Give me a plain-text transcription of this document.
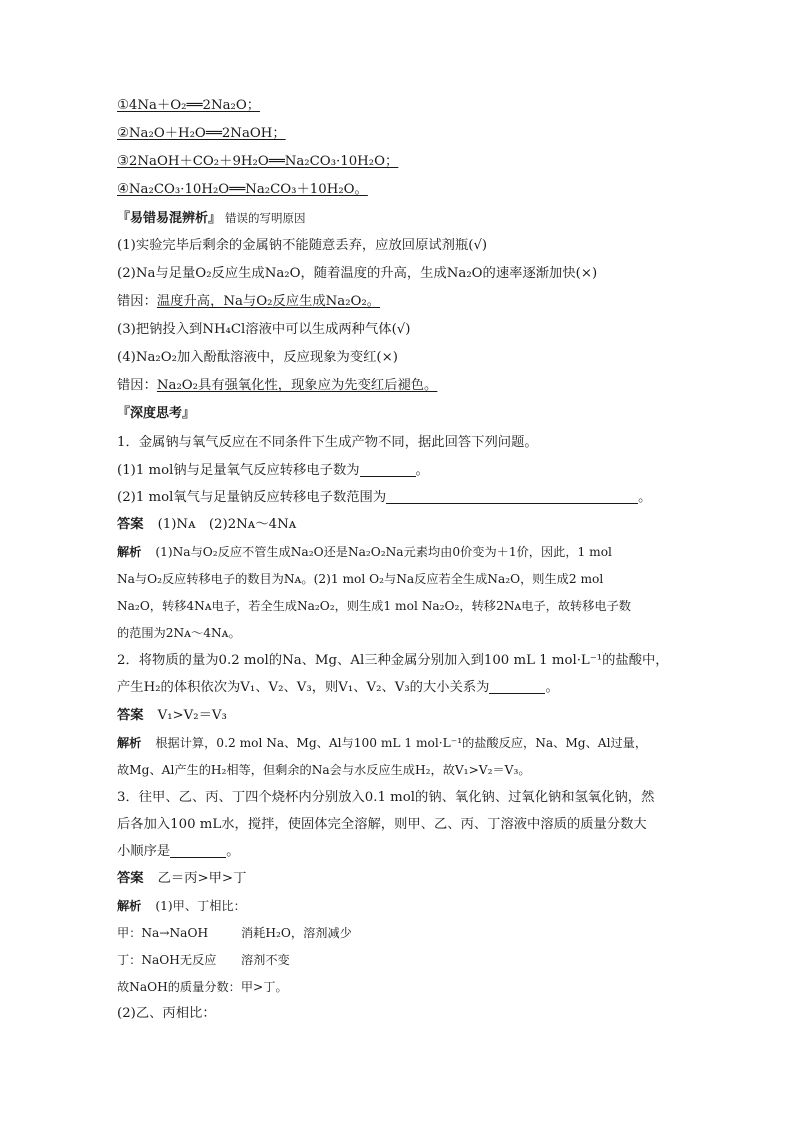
①4Na＋O₂══2Na₂O；
②Na₂O＋H₂O══2NaOH；
③2NaOH＋CO₂＋9H₂O══Na₂CO₃·10H₂O；
④Na₂CO₃·10H₂O══Na₂CO₃＋10H₂O。
『易错易混辨析』 错误的写明原因
(1)实验完毕后剩余的金属钠不能随意丢弃，应放回原试剂瓶(√)
(2)Na与足量O₂反应生成Na₂O，随着温度的升高，生成Na₂O的速率逐渐加快(×)
错因：温度升高，Na与O₂反应生成Na₂O₂。
(3)把钠投入到NH₄Cl溶液中可以生成两种气体(√)
(4)Na₂O₂加入酚酞溶液中，反应现象为变红(×)
错因：Na₂O₂具有强氧化性，现象应为先变红后褪色。
『深度思考』
1．金属钠与氧气反应在不同条件下生成产物不同，据此回答下列问题。
(1)1 mol钠与足量氧气反应转移电子数为	。
(2)1 mol氧气与足量钠反应转移电子数范围为	。
答案 (1)Nᴀ　(2)2Nᴀ～4Nᴀ
解析 (1)Na与O₂反应不管生成Na₂O还是Na₂O₂Na元素均由0价变为＋1价，因此，1 mol
Na与O₂反应转移电子的数目为Nᴀ。(2)1 mol O₂与Na反应若全生成Na₂O，则生成2 mol
Na₂O，转移4Nᴀ电子，若全生成Na₂O₂，则生成1 mol Na₂O₂，转移2Nᴀ电子，故转移电子数
的范围为2Nᴀ～4Nᴀ。
2．将物质的量为0.2 mol的Na、Mg、Al三种金属分别加入到100 mL 1 mol·L⁻¹的盐酸中，
产生H₂的体积依次为V₁、V₂、V₃，则V₁、V₂、V₃的大小关系为	。
答案 V₁>V₂＝V₃
解析 根据计算，0.2 mol Na、Mg、Al与100 mL 1 mol·L⁻¹的盐酸反应，Na、Mg、Al过量，
故Mg、Al产生的H₂相等，但剩余的Na会与水反应生成H₂，故V₁>V₂＝V₃。
3．往甲、乙、丙、丁四个烧杯内分别放入0.1 mol的钠、氧化钠、过氧化钠和氢氧化钠，然
后各加入100 mL水，搅拌，使固体完全溶解，则甲、乙、丙、丁溶液中溶质的质量分数大
小顺序是	。
答案 乙＝丙>甲>丁
解析 (1)甲、丁相比：
甲：Na→NaOH	消耗H₂O，溶剂减少
丁：NaOH无反应 溶剂不变
故NaOH的质量分数：甲>丁。
(2)乙、丙相比：
